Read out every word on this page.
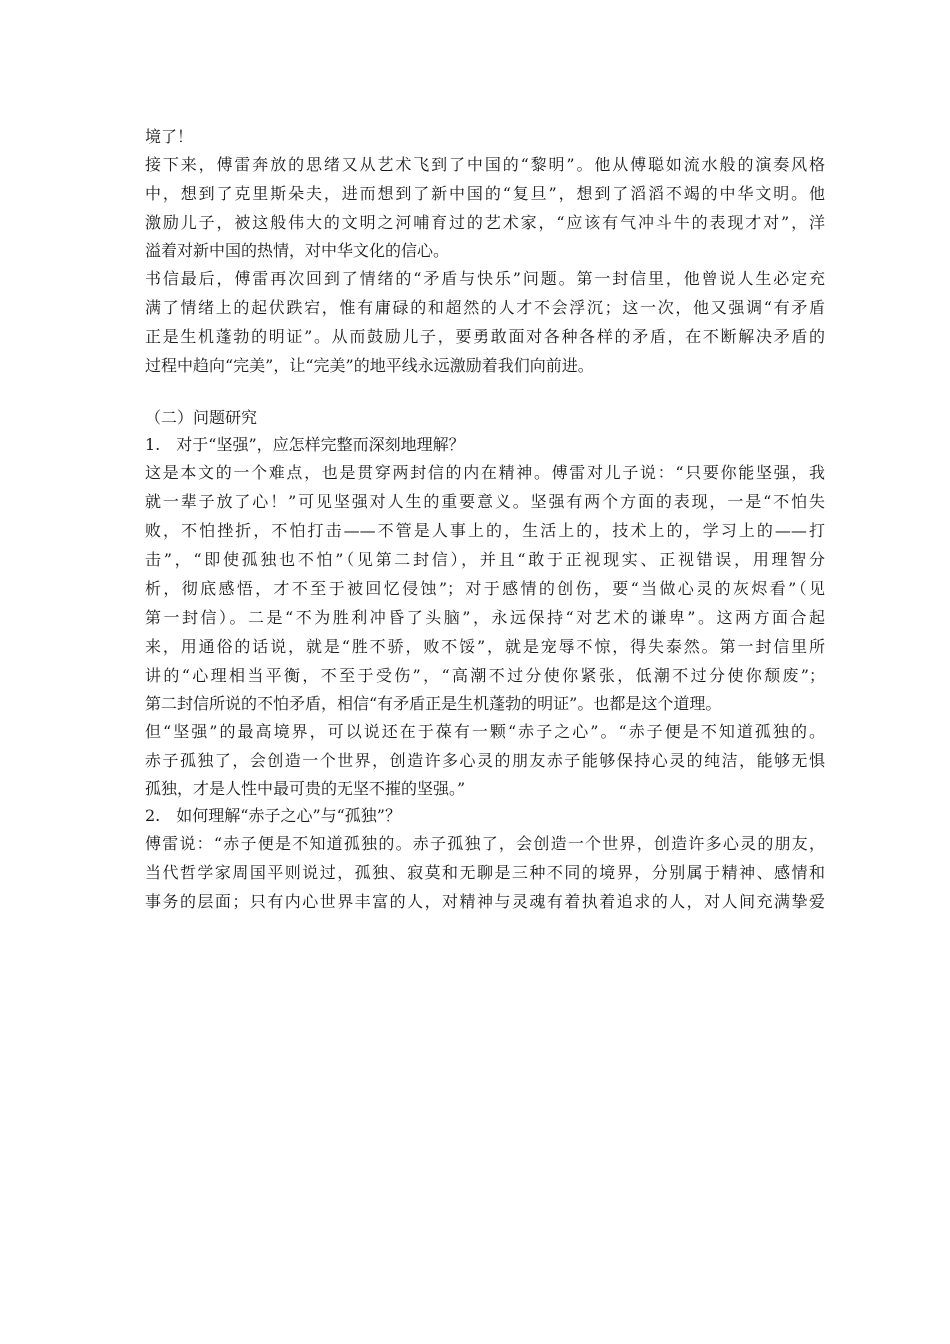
境了！
接下来，傅雷奔放的思绪又从艺术飞到了中国的“黎明”。他从傅聪如流水般的演奏风格
中，想到了克里斯朵夫，进而想到了新中国的“复旦”，想到了滔滔不竭的中华文明。他
激励儿子，被这般伟大的文明之河哺育过的艺术家，“应该有气冲斗牛的表现才对”，洋
溢着对新中国的热情，对中华文化的信心。
书信最后，傅雷再次回到了情绪的“矛盾与快乐”问题。第一封信里，他曾说人生必定充
满了情绪上的起伏跌宕，惟有庸碌的和超然的人才不会浮沉；这一次，他又强调“有矛盾
正是生机蓬勃的明证”。从而鼓励儿子，要勇敢面对各种各样的矛盾，在不断解决矛盾的
过程中趋向“完美”，让“完美”的地平线永远激励着我们向前进。
（二）问题研究
1.　对于“坚强”，应怎样完整而深刻地理解？
这是本文的一个难点，也是贯穿两封信的内在精神。傅雷对儿子说：“只要你能坚强，我
就一辈子放了心！”可见坚强对人生的重要意义。坚强有两个方面的表现，一是“不怕失
败，不怕挫折，不怕打击——不管是人事上的，生活上的，技术上的，学习上的——打
击”，“即使孤独也不怕”（见第二封信），并且“敢于正视现实、正视错误，用理智分
析，彻底感悟，才不至于被回忆侵蚀”；对于感情的创伤，要“当做心灵的灰烬看”（见
第一封信）。二是“不为胜利冲昏了头脑”，永远保持“对艺术的谦卑”。这两方面合起
来，用通俗的话说，就是“胜不骄，败不馁”，就是宠辱不惊，得失泰然。第一封信里所
讲的“心理相当平衡，不至于受伤”，“高潮不过分使你紧张，低潮不过分使你颓废”；
第二封信所说的不怕矛盾，相信“有矛盾正是生机蓬勃的明证”。也都是这个道理。
但“坚强”的最高境界，可以说还在于葆有一颗“赤子之心”。“赤子便是不知道孤独的。
赤子孤独了，会创造一个世界，创造许多心灵的朋友赤子能够保持心灵的纯洁，能够无惧
孤独，才是人性中最可贵的无坚不摧的坚强。”
2.　如何理解“赤子之心”与“孤独”？
傅雷说：“赤子便是不知道孤独的。赤子孤独了，会创造一个世界，创造许多心灵的朋友，
当代哲学家周国平则说过，孤独、寂莫和无聊是三种不同的境界，分别属于精神、感情和
事务的层面；只有内心世界丰富的人，对精神与灵魂有着执着追求的人，对人间充满挚爱
